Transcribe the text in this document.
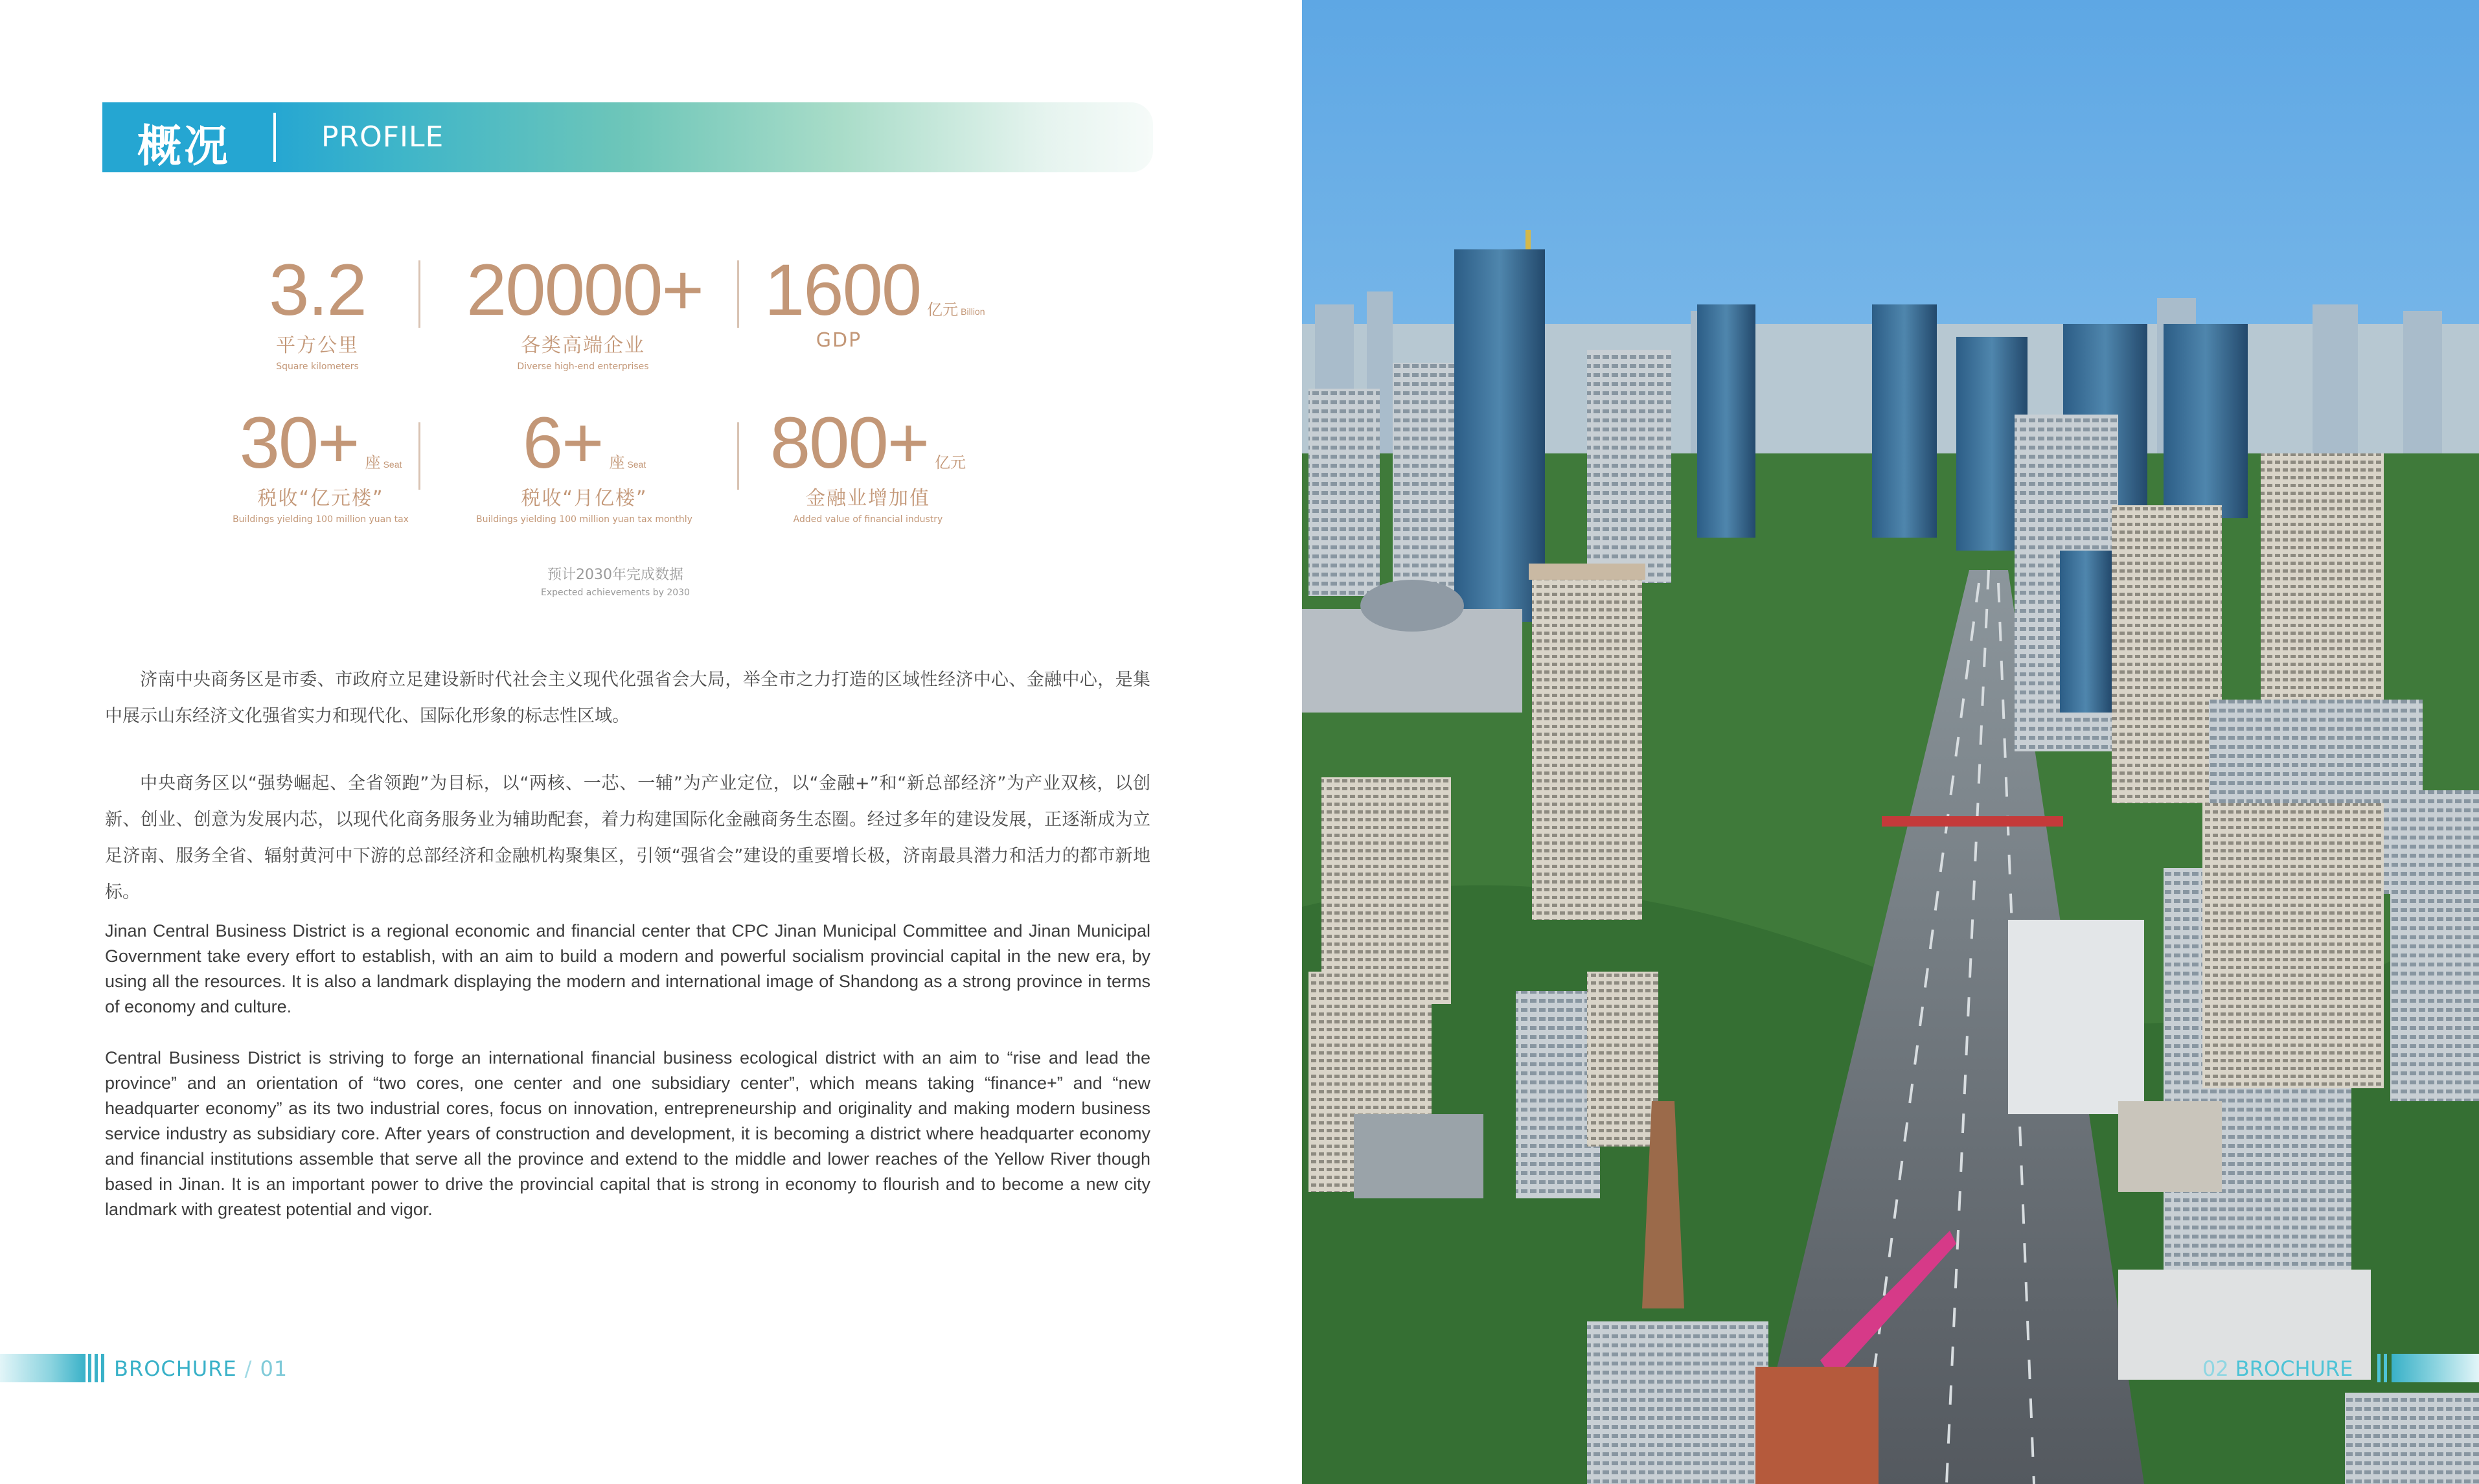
概况	PROFILE
3.2
平方公里
Square kilometers
20000+
各类高端企业
Diverse high-end enterprises
1600 亿元 Billion
GDP
30+ 座 Seat
税收“亿元楼”
Buildings yielding 100 million yuan tax
6+ 座 Seat
税收“月亿楼”
Buildings yielding 100 million yuan tax monthly
800+ 亿元
金融业增加值
Added value of financial industry
预计2030年完成数据
Expected achievements by 2030

济南中央商务区是市委、市政府立足建设新时代社会主义现代化强省会大局，举全市之力打造的区域性经济中心、金融中心，是集中展示山东经济文化强省实力和现代化、国际化形象的标志性区域。

中央商务区以“强势崛起、全省领跑”为目标，以“两核、一芯、一辅”为产业定位，以“金融+”和“新总部经济”为产业双核，以创新、创业、创意为发展内芯，以现代化商务服务业为辅助配套，着力构建国际化金融商务生态圈。经过多年的建设发展，正逐渐成为立足济南、服务全省、辐射黄河中下游的总部经济和金融机构聚集区，引领“强省会”建设的重要增长极，济南最具潜力和活力的都市新地标。

Jinan Central Business District is a regional economic and financial center that CPC Jinan Municipal Committee and Jinan Municipal Government take every effort to establish, with an aim to build a modern and powerful socialism provincial capital in the new era, by using all the resources. It is also a landmark displaying the modern and international image of Shandong as a strong province in terms of economy and culture.

Central Business District is striving to forge an international financial business ecological district with an aim to “rise and lead the province” and an orientation of “two cores, one center and one subsidiary center”, which means taking “finance+” and “new headquarter economy” as its two industrial cores, focus on innovation, entrepreneurship and originality and making modern business service industry as subsidiary core. After years of construction and development, it is becoming a district where headquarter economy and financial institutions assemble that serve all the province and extend to the middle and lower reaches of the Yellow River though based in Jinan. It is an important power to drive the provincial capital that is strong in economy to flourish and to become a new city landmark with greatest potential and vigor.

BROCHURE / 01	02 BROCHURE
